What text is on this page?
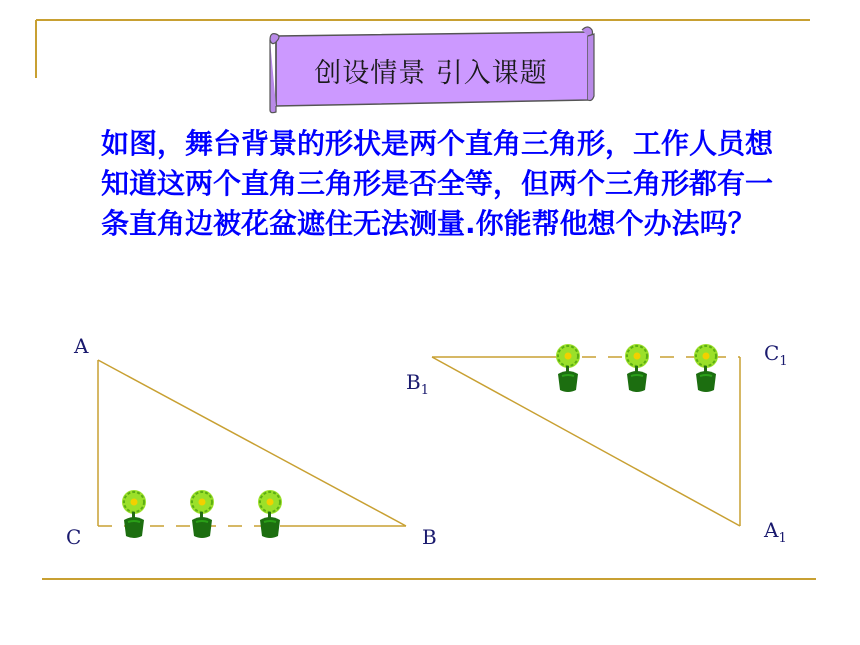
创设情景 引入课题
如图，舞台背景的形状是两个直角三角形，工作人员想知道这两个直角三角形是否全等，但两个三角形都有一条直角边被花盆遮住无法测量.你能帮他想个办法吗？
A
C	B
$B_1$
$C_1$
$A_1$
